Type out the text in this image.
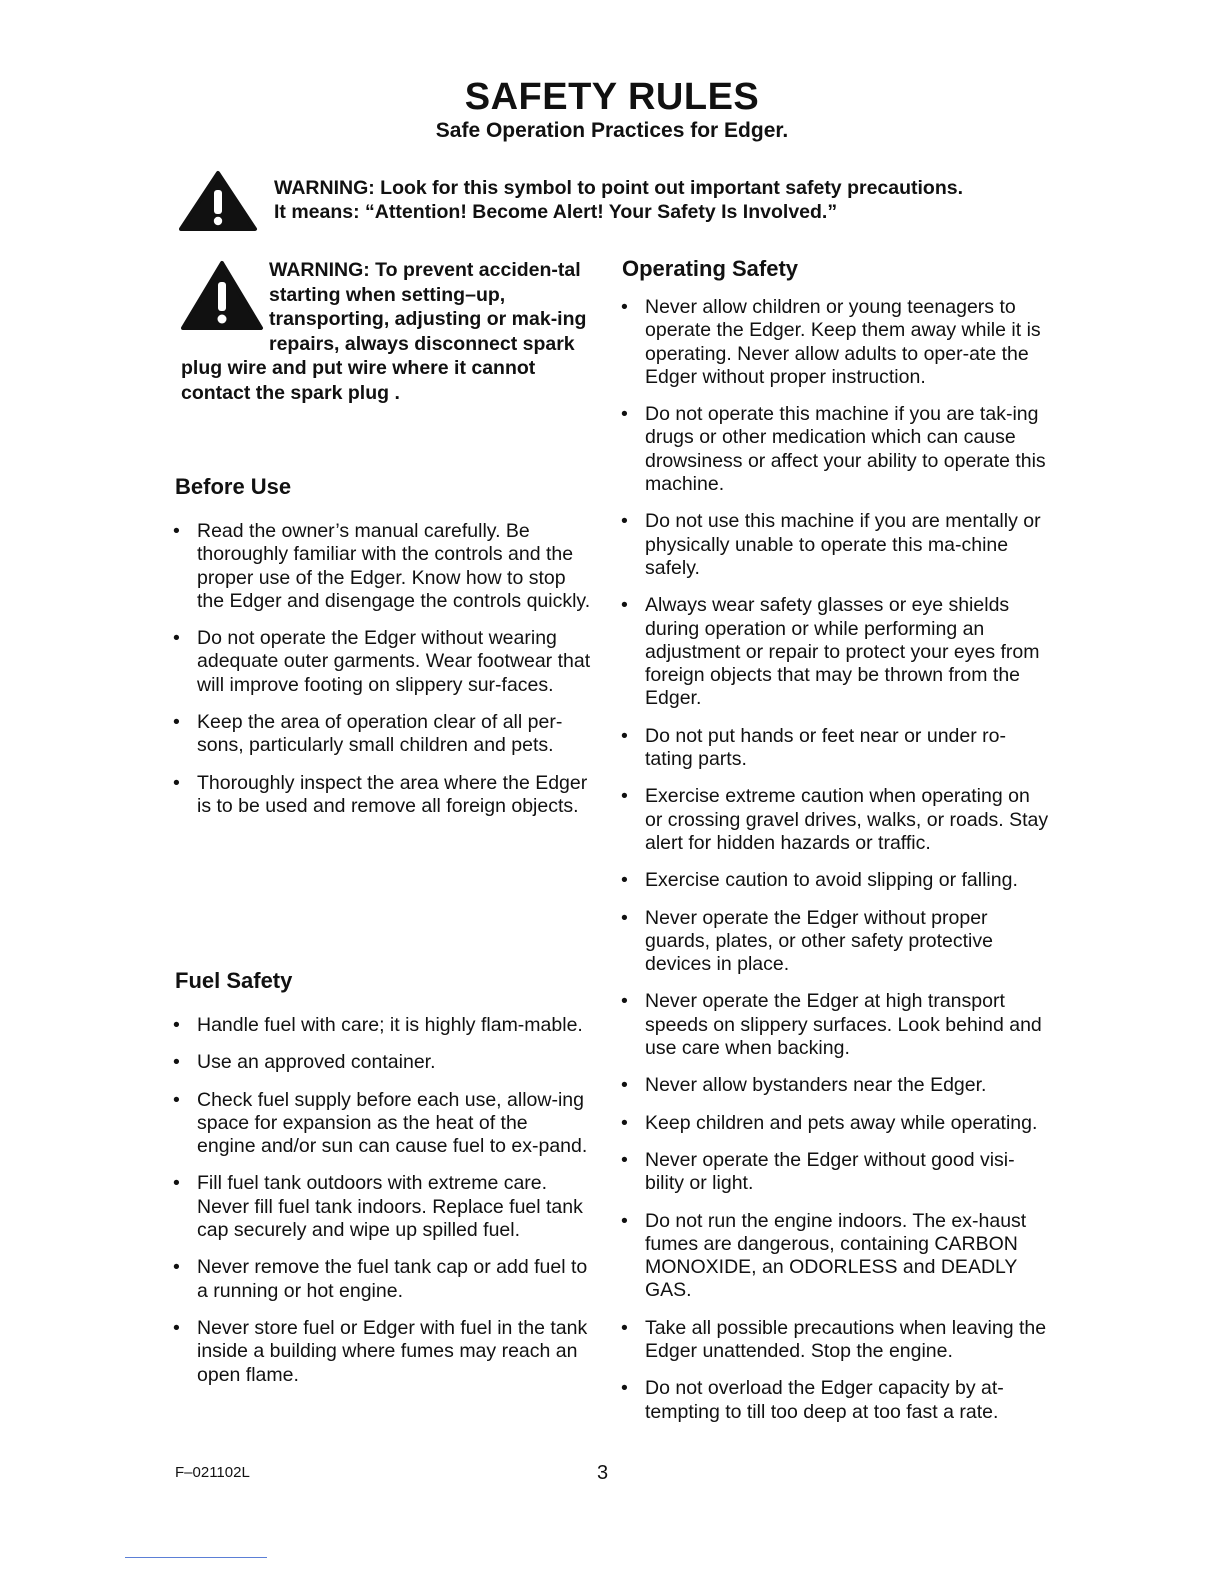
SAFETY RULES
Safe Operation Practices for Edger.
WARNING: Look for this symbol to point out important safety precautions.
It means: “Attention! Become Alert! Your Safety Is Involved.”
WARNING: To prevent acciden-tal starting when setting–up, transporting, adjusting or mak-ing repairs, always disconnect spark plug wire and put wire where it cannot contact the spark plug .
Before Use
• Read the owner’s manual carefully. Be thoroughly familiar with the controls and the proper use of the Edger. Know how to stop the Edger and disengage the controls quickly.
• Do not operate the Edger without wearing adequate outer garments. Wear footwear that will improve footing on slippery sur-faces.
• Keep the area of operation clear of all per-sons, particularly small children and pets.
• Thoroughly inspect the area where the Edger is to be used and remove all foreign objects.
Fuel Safety
• Handle fuel with care; it is highly flam-mable.
• Use an approved container.
• Check fuel supply before each use, allow-ing space for expansion as the heat of the engine and/or sun can cause fuel to ex-pand.
• Fill fuel tank outdoors with extreme care. Never fill fuel tank indoors. Replace fuel tank cap securely and wipe up spilled fuel.
• Never remove the fuel tank cap or add fuel to a running or hot engine.
• Never store fuel or Edger with fuel in the tank inside a building where fumes may reach an open flame.
Operating Safety
• Never allow children or young teenagers to operate the Edger. Keep them away while it is operating. Never allow adults to oper-ate the Edger without proper instruction.
• Do not operate this machine if you are tak-ing drugs or other medication which can cause drowsiness or affect your ability to operate this machine.
• Do not use this machine if you are mentally or physically unable to operate this ma-chine safely.
• Always wear safety glasses or eye shields during operation or while performing an adjustment or repair to protect your eyes from foreign objects that may be thrown from the Edger.
• Do not put hands or feet near or under ro-tating parts.
• Exercise extreme caution when operating on or crossing gravel drives, walks, or roads. Stay alert for hidden hazards or traffic.
• Exercise caution to avoid slipping or falling.
• Never operate the Edger without proper guards, plates, or other safety protective devices in place.
• Never operate the Edger at high transport speeds on slippery surfaces. Look behind and use care when backing.
• Never allow bystanders near the Edger.
• Keep children and pets away while operating.
• Never operate the Edger without good visi-bility or light.
• Do not run the engine indoors. The ex-haust fumes are dangerous, containing CARBON MONOXIDE, an ODORLESS and DEADLY GAS.
• Take all possible precautions when leaving the Edger unattended. Stop the engine.
• Do not overload the Edger capacity by at-tempting to till too deep at too fast a rate.
F–021102L	3
